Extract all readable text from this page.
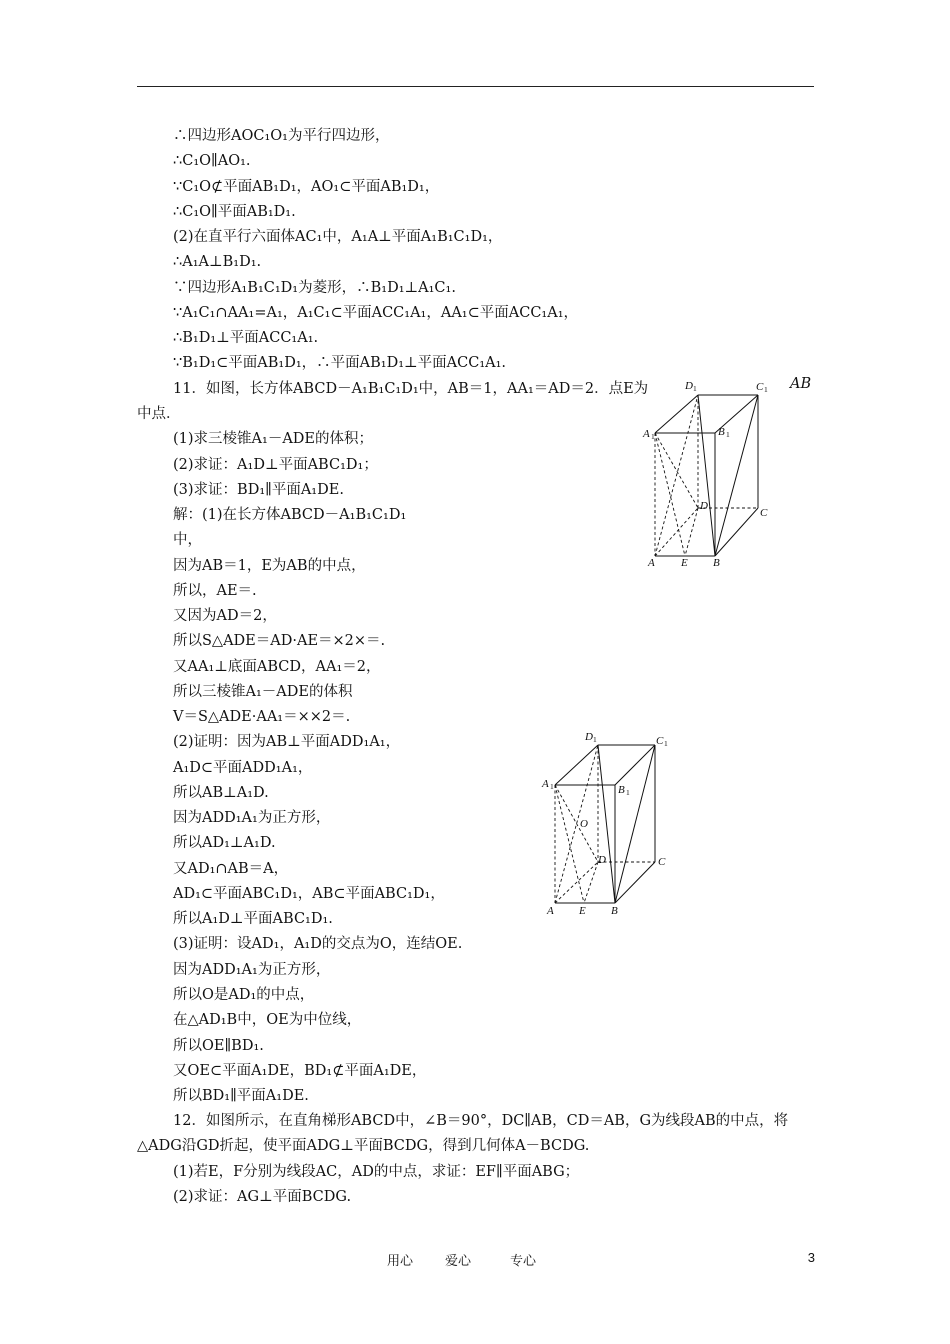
∴四边形AOC₁O₁为平行四边形，
∴C₁O∥AO₁.
∵C₁O⊄平面AB₁D₁，AO₁⊂平面AB₁D₁，
∴C₁O∥平面AB₁D₁.
(2)在直平行六面体AC₁中，A₁A⊥平面A₁B₁C₁D₁，
∴A₁A⊥B₁D₁.
∵四边形A₁B₁C₁D₁为菱形，∴B₁D₁⊥A₁C₁.
∵A₁C₁∩AA₁=A₁，A₁C₁⊂平面ACC₁A₁，AA₁⊂平面ACC₁A₁，
∴B₁D₁⊥平面ACC₁A₁.
∵B₁D₁⊂平面AB₁D₁，∴平面AB₁D₁⊥平面ACC₁A₁.
11．如图，长方体ABCD－A₁B₁C₁D₁中，AB＝1，AA₁＝AD＝2．点E为
中点．
(1)求三棱锥A₁－ADE的体积；
(2)求证：A₁D⊥平面ABC₁D₁；
(3)求证：BD₁∥平面A₁DE.
解：(1)在长方体ABCD－A₁B₁C₁D₁
中，
因为AB＝1，E为AB的中点，
所以，AE＝.
又因为AD＝2，
所以S△ADE＝AD·AE＝×2×＝.
又AA₁⊥底面ABCD，AA₁＝2，
所以三棱锥A₁－ADE的体积
V＝S△ADE·AA₁＝××2＝.
(2)证明：因为AB⊥平面ADD₁A₁，
A₁D⊂平面ADD₁A₁，
所以AB⊥A₁D.
因为ADD₁A₁为正方形，
所以AD₁⊥A₁D.
又AD₁∩AB＝A，
AD₁⊂平面ABC₁D₁，AB⊂平面ABC₁D₁，
所以A₁D⊥平面ABC₁D₁.
(3)证明：设AD₁，A₁D的交点为O，连结OE.
因为ADD₁A₁为正方形，
所以O是AD₁的中点，
在△AD₁B中，OE为中位线，
所以OE∥BD₁.
又OE⊂平面A₁DE，BD₁⊄平面A₁DE，
所以BD₁∥平面A₁DE.
12．如图所示，在直角梯形ABCD中，∠B＝90°，DC∥AB，CD＝AB，G为线段AB的中点，将
△ADG沿GD折起，使平面ADG⊥平面BCDG，得到几何体A－BCDG.
(1)若E，F分别为线段AC，AD的中点，求证：EF∥平面ABG；
(2)求证：AG⊥平面BCDG.
AB
A 1	B 1
D 1	C 1
D
C
A E B
A 1	B 1
D 1	C 1
O
D	C
A E B
用心 爱心	专心	3
